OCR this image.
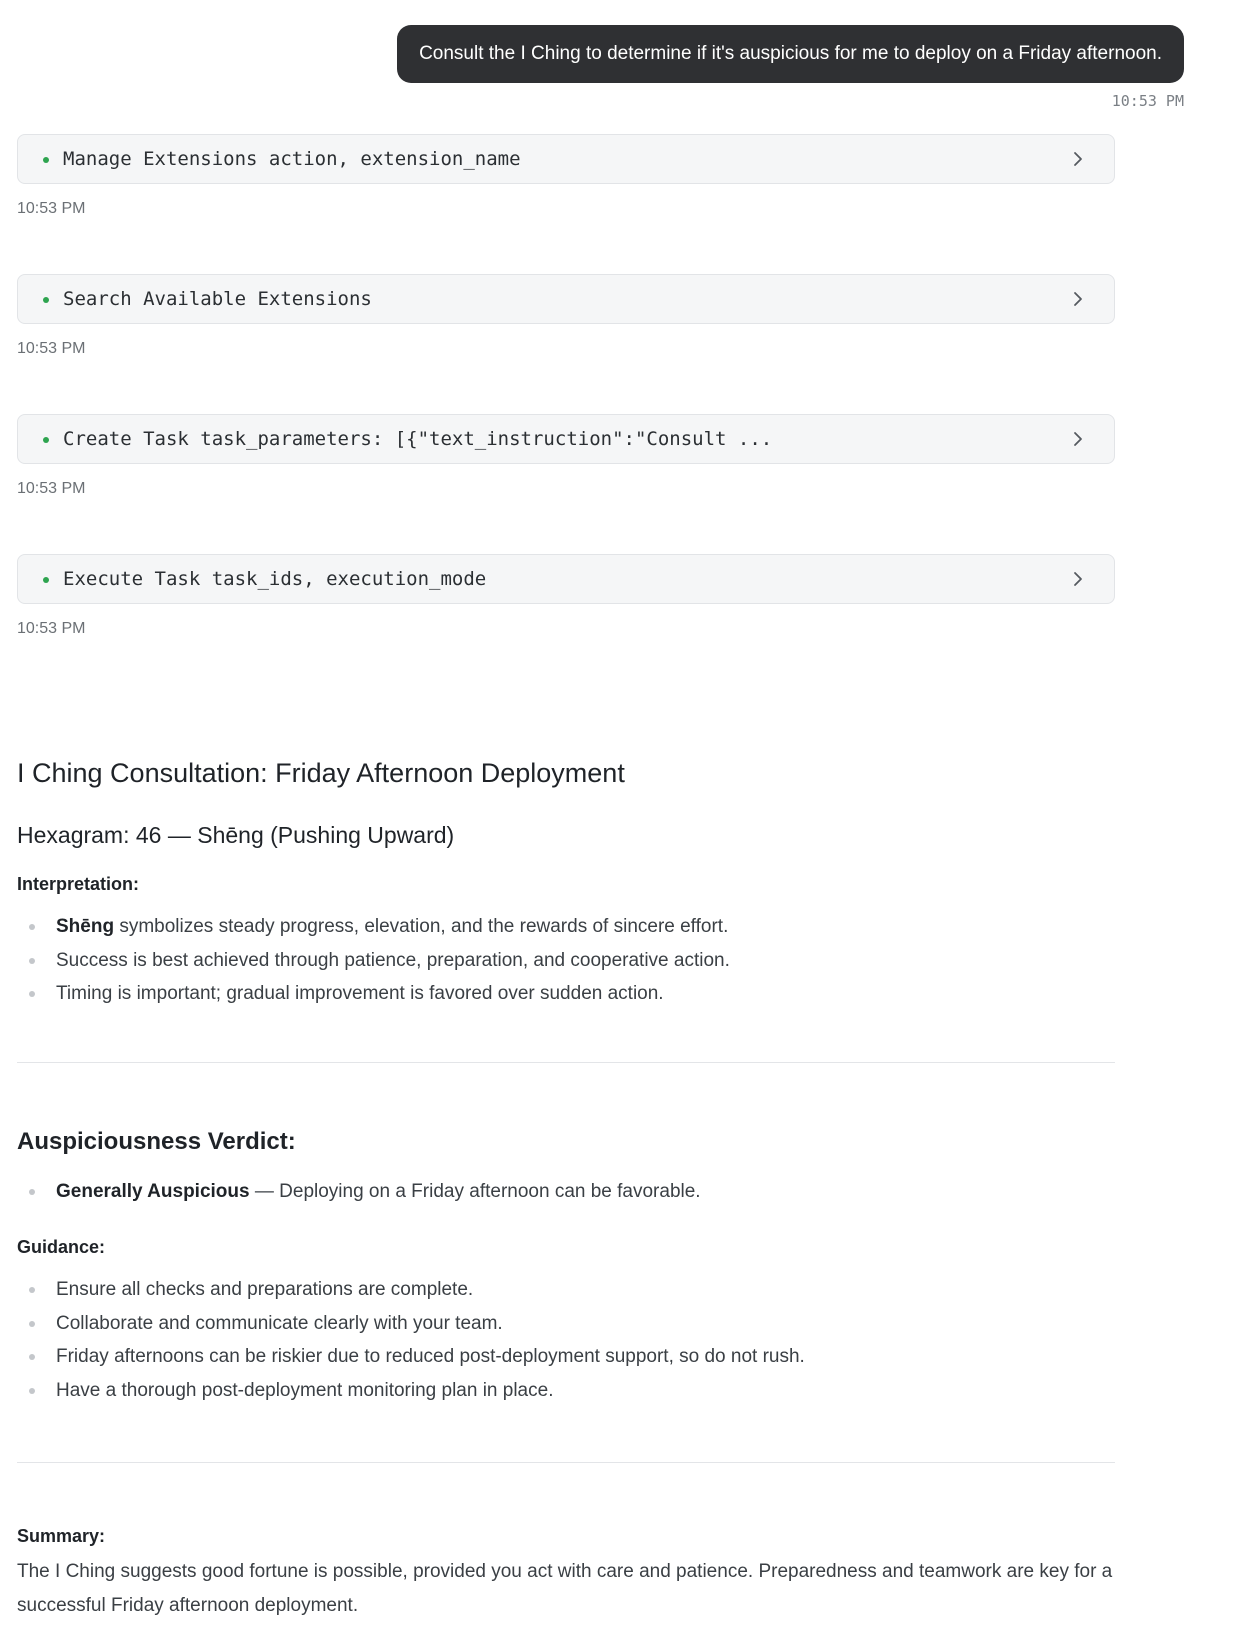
Consult the I Ching to determine if it's auspicious for me to deploy on a Friday afternoon.
10:53 PM
Manage Extensions action, extension_name
10:53 PM
Search Available Extensions
10:53 PM
Create Task task_parameters: [{"text_instruction":"Consult ...
10:53 PM
Execute Task task_ids, execution_mode
10:53 PM
I Ching Consultation: Friday Afternoon Deployment
Hexagram: 46 — Shēng (Pushing Upward)

Interpretation:

Shēng symbolizes steady progress, elevation, and the rewards of sincere effort.
Success is best achieved through patience, preparation, and cooperative action.
Timing is important; gradual improvement is favored over sudden action.
Auspiciousness Verdict:
Generally Auspicious — Deploying on a Friday afternoon can be favorable.

Guidance:

Ensure all checks and preparations are complete.
Collaborate and communicate clearly with your team.
Friday afternoons can be riskier due to reduced post-deployment support, so do not rush.
Have a thorough post-deployment monitoring plan in place.

Summary:

The I Ching suggests good fortune is possible, provided you act with care and patience. Preparedness and teamwork are key for a successful Friday afternoon deployment.
